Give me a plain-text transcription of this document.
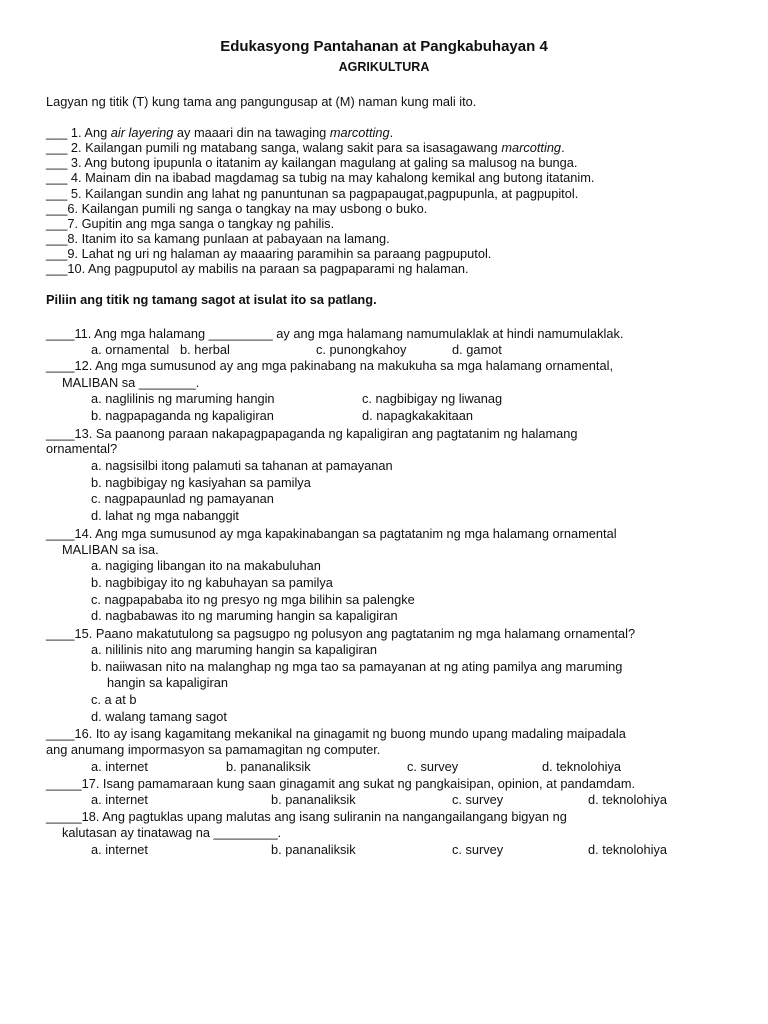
Edukasyong Pantahanan at Pangkabuhayan 4
AGRIKULTURA
Lagyan ng titik (T) kung tama ang pangungusap at (M) naman kung mali ito.
___ 1. Ang air layering ay maaari din na tawaging marcotting.
___ 2. Kailangan pumili ng matabang sanga, walang sakit para sa isasagawang marcotting.
___ 3. Ang butong ipupunla o itatanim ay kailangan magulang at galing sa malusog na bunga.
___ 4. Mainam din na ibabad magdamag sa tubig na may kahalong kemikal ang butong itatanim.
___ 5. Kailangan sundin ang lahat ng panuntunan sa pagpapaugat,pagpupunla, at pagpupitol.
___6. Kailangan pumili ng sanga o tangkay na may usbong o buko.
___7. Gupitin ang mga sanga o tangkay ng pahilis.
___8. Itanim ito sa kamang punlaan at pabayaan na lamang.
___9. Lahat ng uri ng halaman ay maaaring paramihin sa paraang pagpuputol.
___10. Ang pagpuputol ay mabilis na paraan sa pagpaparami ng halaman.
Piliin ang titik ng tamang sagot at isulat ito sa patlang.
____11. Ang mga halamang _________ ay ang mga halamang namumulaklak at hindi namumulaklak.
a. ornamental b. herbal	c. punongkahoy	d. gamot
____12. Ang mga sumusunod ay ang mga pakinabang na makukuha sa mga halamang ornamental,
MALIBAN sa ________.
a. naglilinis ng maruming hangin	c. nagbibigay ng liwanag
b. nagpapaganda ng kapaligiran	d. napagkakakitaan
____13. Sa paanong paraan nakapagpapaganda ng kapaligiran ang pagtatanim ng halamang
ornamental?
a. nagsisilbi itong palamuti sa tahanan at pamayanan
b. nagbibigay ng kasiyahan sa pamilya
c. nagpapaunlad ng pamayanan
d. lahat ng mga nabanggit
____14. Ang mga sumusunod ay mga kapakinabangan sa pagtatanim ng mga halamang ornamental
MALIBAN sa isa.
a. nagiging libangan ito na makabuluhan
b. nagbibigay ito ng kabuhayan sa pamilya
c. nagpapababa ito ng presyo ng mga bilihin sa palengke
d. nagbabawas ito ng maruming hangin sa kapaligiran
____15. Paano makatutulong sa pagsugpo ng polusyon ang pagtatanim ng mga halamang ornamental?
a. nililinis nito ang maruming hangin sa kapaligiran
b. naiiwasan nito na malanghap ng mga tao sa pamayanan at ng ating pamilya ang maruming
hangin sa kapaligiran
c. a at b
d. walang tamang sagot
____16. Ito ay isang kagamitang mekanikal na ginagamit ng buong mundo upang madaling maipadala
ang anumang impormasyon sa pamamagitan ng computer.
a. internet	b. pananaliksik	c. survey	d. teknolohiya
_____17. Isang pamamaraan kung saan ginagamit ang sukat ng pangkaisipan, opinion, at pandamdam.
a. internet	b. pananaliksik	c. survey	d. teknolohiya
_____18. Ang pagtuklas upang malutas ang isang suliranin na nangangailangang bigyan ng
kalutasan ay tinatawag na _________.
a. internet	b. pananaliksik	c. survey	d. teknolohiya
